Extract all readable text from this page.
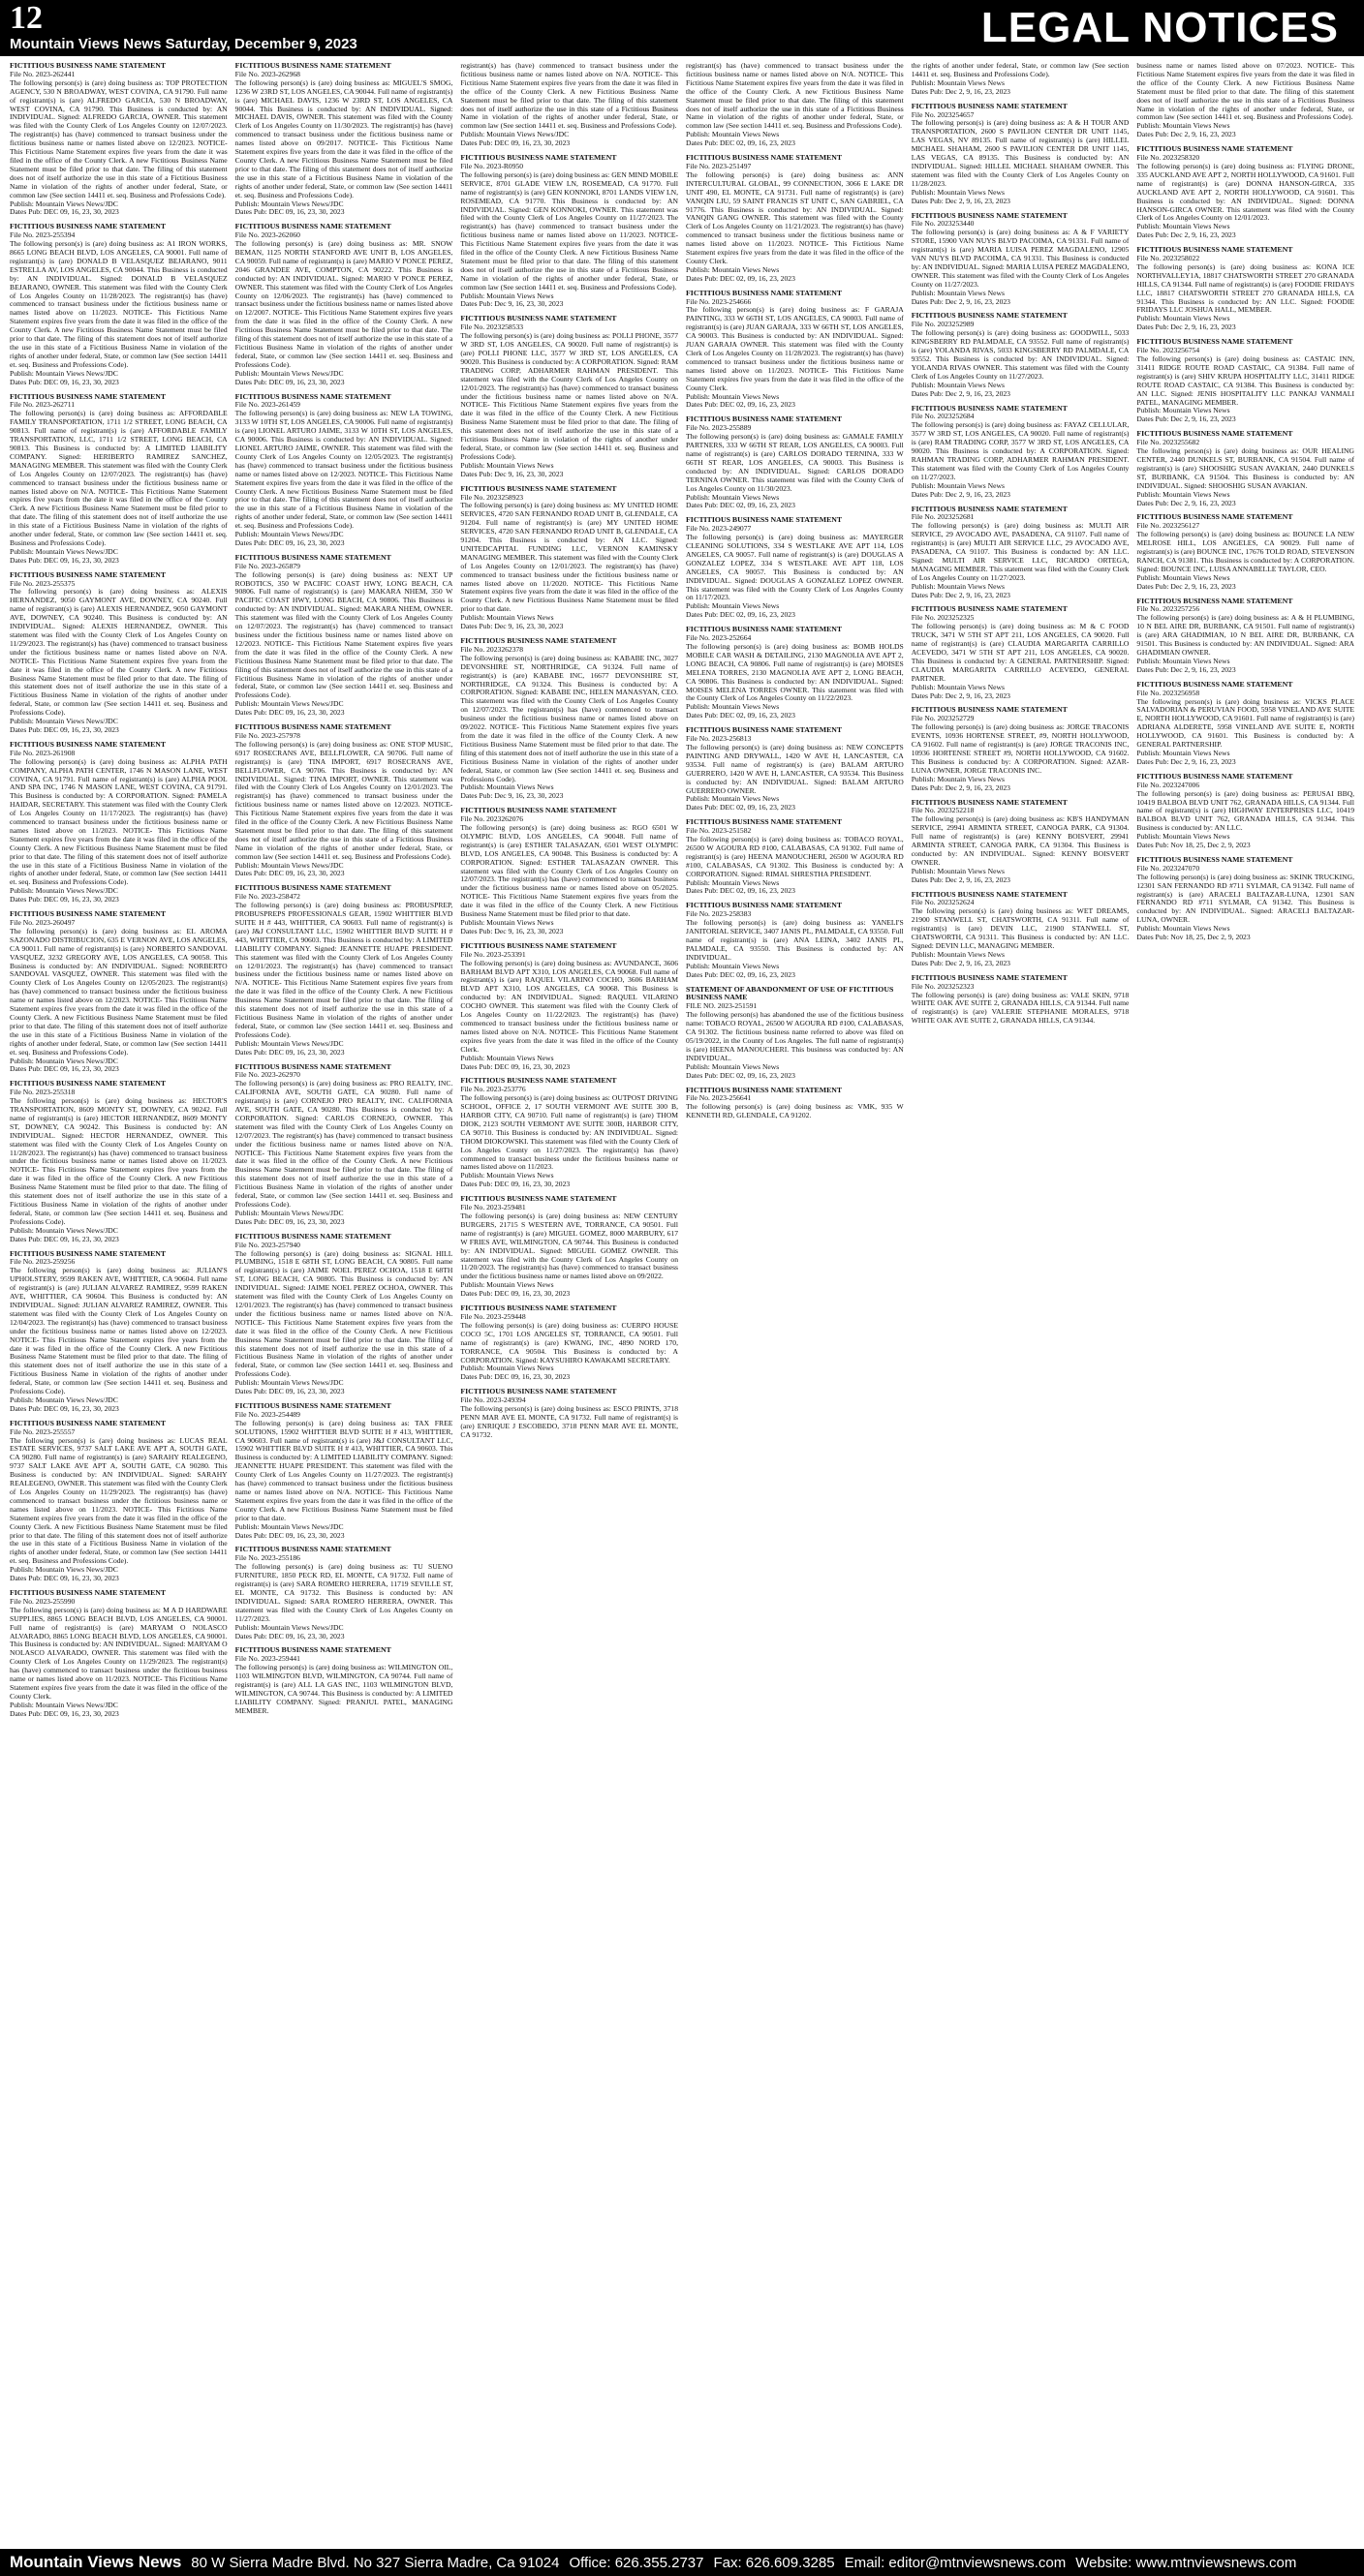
12
Mountain Views News Saturday, December 9, 2023	LEGAL NOTICES
FICTITIOUS BUSINESS NAME STATEMENT
File No. 2023-262441
The following person(s) is (are) doing business as: TOP PROTECTION AGENCY, 530 N BROADWAY, WEST COVINA, CA 91790. Full name of registrant(s) is (are) ALFREDO GARCIA, 530 N BROADWAY, WEST COVINA, CA 91790. This Business is conducted by: AN INDIVIDUAL. Signed: ALFREDO GARCIA, OWNER. This statement was filed with the County Clerk of Los Angeles County on 12/07/2023. The registrant(s) has (have) commenced to transact business under the fictitious business name or names listed above on 12/2023. NOTICE- This Fictitious Name Statement expires five years from the date it was filed in the office of the County Clerk. A new Fictitious Business Name Statement must be filed prior to that date. The filing of this statement does not of itself authorize the use in this state of a Fictitious Business Name in violation of the rights of another under federal, State, or common law (See section 14411 et. seq. Business and Professions Code).
Publish: Mountain Views News/JDC
Dates Pub: DEC 09, 16, 23, 30, 2023
FICTITIOUS BUSINESS NAME STATEMENT
File No. 2023-255394
The following person(s) is (are) doing business as: A1 IRON WORKS, 8665 LONG BEACH BLVD, LOS ANGELES, CA 90001. Full name of registrant(s) is (are) DONALD B VELASQUEZ BEJARANO, 9011 ESTRELLA AV, LOS ANGELES, CA 90044. This Business is conducted by: AN INDIVIDUAL. Signed: DONALD B VELASQUEZ BEJARANO, OWNER. This statement was filed with the County Clerk of Los Angeles County on 11/28/2023. The registrant(s) has (have) commenced to transact business under the fictitious business name or names listed above on 11/2023. NOTICE- This Fictitious Name Statement expires five years from the date it was filed in the office of the County Clerk. A new Fictitious Business Name Statement must be filed prior to that date. The filing of this statement does not of itself authorize the use in this state of a Fictitious Business Name in violation of the rights of another under federal, State, or common law (See section 14411 et. seq. Business and Professions Code).
Publish: Mountain Views News/JDC
Dates Pub: DEC 09, 16, 23, 30, 2023
FICTITIOUS BUSINESS NAME STATEMENT
File No. 2023-262711
The following person(s) is (are) doing business as: AFFORDABLE FAMILY TRANSPORTATION, 1711 1/2 STREET, LONG BEACH, CA 90813. Full name of registrant(s) is (are) AFFORDABLE FAMILY TRANSPORTATION, LLC, 1711 1/2 STREET, LONG BEACH, CA 90813. This Business is conducted by: A LIMITED LIABILITY COMPANY. Signed: HERIBERTO RAMIREZ SANCHEZ, MANAGING MEMBER. This statement was filed with the County Clerk of Los Angeles County on 12/07/2023. The registrant(s) has (have) commenced to transact business under the fictitious business name or names listed above on N/A. NOTICE- This Fictitious Name Statement expires five years from the date it was filed in the office of the County Clerk. A new Fictitious Business Name Statement must be filed prior to that date. The filing of this statement does not of itself authorize the use in this state of a Fictitious Business Name in violation of the rights of another under federal, State, or common law (See section 14411 et. seq. Business and Professions Code).
Publish: Mountain Views News/JDC
Dates Pub: DEC 09, 16, 23, 30, 2023
FICTITIOUS BUSINESS NAME STATEMENT
File No. 2023-255375
The following person(s) is (are) doing business as: ALEXIS HERNANDEZ, 9050 GAYMONT AVE, DOWNEY, CA 90240. Full name of registrant(s) is (are) ALEXIS HERNANDEZ, 9050 GAYMONT AVE, DOWNEY, CA 90240. This Business is conducted by: AN INDIVIDUAL. Signed: ALEXIS HERNANDEZ, OWNER. This statement was filed with the County Clerk of Los Angeles County on 11/29/2023. The registrant(s) has (have) commenced to transact business under the fictitious business name or names listed above on N/A. NOTICE- This Fictitious Name Statement expires five years from the date it was filed in the office of the County Clerk. A new Fictitious Business Name Statement must be filed prior to that date. The filing of this statement does not of itself authorize the use in this state of a Fictitious Business Name in violation of the rights of another under federal, State, or common law (See section 14411 et. seq. Business and Professions Code).
Publish: Mountain Views News/JDC
Dates Pub: DEC 09, 16, 23, 30, 2023
FICTITIOUS BUSINESS NAME STATEMENT
File No. 2023-261908
The following person(s) is (are) doing business as: ALPHA PATH COMPANY, ALPHA PATH CENTER, 1746 N MASON LANE, WEST COVINA, CA 91791. Full name of registrant(s) is (are) ALPHA POOL AND SPA INC, 1746 N MASON LANE, WEST COVINA, CA 91791. This Business is conducted by: A CORPORATION. Signed: PAMELA HAIDAR, SECRETARY. This statement was filed with the County Clerk of Los Angeles County on 11/17/2023. The registrant(s) has (have) commenced to transact business under the fictitious business name or names listed above on 11/2023. NOTICE- This Fictitious Name Statement expires five years from the date it was filed in the office of the County Clerk. A new Fictitious Business Name Statement must be filed prior to that date. The filing of this statement does not of itself authorize the use in this state of a Fictitious Business Name in violation of the rights of another under federal, State, or common law (See section 14411 et. seq. Business and Professions Code).
Publish: Mountain Views News/JDC
Dates Pub: DEC 09, 16, 23, 30, 2023
FICTITIOUS BUSINESS NAME STATEMENT
File No. 2023-260497
The following person(s) is (are) doing business as: EL AROMA SAZONADO DISTRIBUCION, 635 E VERNON AVE, LOS ANGELES, CA 90011. Full name of registrant(s) is (are) NORBERTO SANDOVAL VASQUEZ, 3232 GREGORY AVE, LOS ANGELES, CA 90058. This Business is conducted by: AN INDIVIDUAL. Signed: NORBERTO SANDOVAL VASQUEZ, OWNER. This statement was filed with the County Clerk of Los Angeles County on 12/05/2023. The registrant(s) has (have) commenced to transact business under the fictitious business name or names listed above on 12/2023. NOTICE- This Fictitious Name Statement expires five years from the date it was filed in the office of the County Clerk. A new Fictitious Business Name Statement must be filed prior to that date. The filing of this statement does not of itself authorize the use in this state of a Fictitious Business Name in violation of the rights of another under federal, State, or common law (See section 14411 et. seq. Business and Professions Code).
Publish: Mountain Views News/JDC
Dates Pub: DEC 09, 16, 23, 30, 2023
FICTITIOUS BUSINESS NAME STATEMENT
File No. 2023-255318
The following person(s) is (are) doing business as: HECTOR'S TRANSPORTATION, 8609 MONTY ST, DOWNEY, CA 90242. Full name of registrant(s) is (are) HECTOR HERNANDEZ, 8609 MONTY ST, DOWNEY, CA 90242. This Business is conducted by: AN INDIVIDUAL. Signed: HECTOR HERNANDEZ, OWNER. This statement was filed with the County Clerk of Los Angeles County on 11/28/2023. The registrant(s) has (have) commenced to transact business under the fictitious business name or names listed above on 11/2023. NOTICE- This Fictitious Name Statement expires five years from the date it was filed in the office of the County Clerk. A new Fictitious Business Name Statement must be filed prior to that date. The filing of this statement does not of itself authorize the use in this state of a Fictitious Business Name in violation of the rights of another under federal, State, or common law (See section 14411 et. seq. Business and Professions Code).
Publish: Mountain Views News/JDC
Dates Pub: DEC 09, 16, 23, 30, 2023
FICTITIOUS BUSINESS NAME STATEMENT
File No. 2023-259256
The following person(s) is (are) doing business as: JULIAN'S UPHOLSTERY, 9599 RAKEN AVE, WHITTIER, CA 90604. Full name of registrant(s) is (are) JULIAN ALVAREZ RAMIREZ, 9599 RAKEN AVE, WHITTIER, CA 90604. This Business is conducted by: AN INDIVIDUAL. Signed: JULIAN ALVAREZ RAMIREZ, OWNER. This statement was filed with the County Clerk of Los Angeles County on 12/04/2023. The registrant(s) has (have) commenced to transact business under the fictitious business name or names listed above on 12/2023. NOTICE- This Fictitious Name Statement expires five years from the date it was filed in the office of the County Clerk. A new Fictitious Business Name Statement must be filed prior to that date. The filing of this statement does not of itself authorize the use in this state of a Fictitious Business Name in violation of the rights of another under federal, State, or common law (See section 14411 et. seq. Business and Professions Code).
Publish: Mountain Views News/JDC
Dates Pub: DEC 09, 16, 23, 30, 2023
FICTITIOUS BUSINESS NAME STATEMENT
File No. 2023-255557
The following person(s) is (are) doing business as: LUCAS REAL ESTATE SERVICES, 9737 SALT LAKE AVE APT A, SOUTH GATE, CA 90280. Full name of registrant(s) is (are) SARAHY REALEGENO, 9737 SALT LAKE AVE APT A, SOUTH GATE, CA 90280. This Business is conducted by: AN INDIVIDUAL. Signed: SARAHY REALEGENO, OWNER. This statement was filed with the County Clerk of Los Angeles County on 11/29/2023. The registrant(s) has (have) commenced to transact business under the fictitious business name or names listed above on 11/2023. NOTICE- This Fictitious Name Statement expires five years from the date it was filed in the office of the County Clerk. A new Fictitious Business Name Statement must be filed prior to that date. The filing of this statement does not of itself authorize the use in this state of a Fictitious Business Name in violation of the rights of another under federal, State, or common law (See section 14411 et. seq. Business and Professions Code).
Publish: Mountain Views News/JDC
Dates Pub: DEC 09, 16, 23, 30, 2023
FICTITIOUS BUSINESS NAME STATEMENT
File No. 2023-255990
The following person(s) is (are) doing business as: M A D HARDWARE SUPPLIES, 8865 LONG BEACH BLVD, LOS ANGELES, CA 90001. Full name of registrant(s) is (are) MARYAM O NOLASCO ALVARADO, 8865 LONG BEACH BLVD, LOS ANGELES, CA 90001. This Business is conducted by: AN INDIVIDUAL. Signed: MARYAM O NOLASCO ALVARADO, OWNER. This statement was filed with the County Clerk of Los Angeles County on 11/29/2023. The registrant(s) has (have) commenced to transact business under the fictitious business name or names listed above on 11/2023. NOTICE- This Fictitious Name Statement expires five years from the date it was filed in the office of the County Clerk.
Publish: Mountain Views News/JDC
Dates Pub: DEC 09, 16, 23, 30, 2023
FICTITIOUS BUSINESS NAME STATEMENT
File No. 2023-262968
The following person(s) is (are) doing business as: MIGUEL'S SMOG, 1236 W 23RD ST, LOS ANGELES, CA 90044. Full name of registrant(s) is (are) MICHAEL DAVIS, 1236 W 23RD ST, LOS ANGELES, CA 90044. This Business is conducted by: AN INDIVIDUAL. Signed: MICHAEL DAVIS, OWNER. This statement was filed with the County Clerk of Los Angeles County on 11/30/2023. The registrant(s) has (have) commenced to transact business under the fictitious business name or names listed above on 09/2017. NOTICE- This Fictitious Name Statement expires five years from the date it was filed in the office of the County Clerk. A new Fictitious Business Name Statement must be filed prior to that date. The filing of this statement does not of itself authorize the use in this state of a Fictitious Business Name in violation of the rights of another under federal, State, or common law (See section 14411 et. seq. Business and Professions Code).
Publish: Mountain Views News/JDC
Dates Pub: DEC 09, 16, 23, 30, 2023
FICTITIOUS BUSINESS NAME STATEMENT
File No. 2023-262060
The following person(s) is (are) doing business as: MR. SNOW BEMAN, 1125 NORTH STANFORD AVE UNIT B, LOS ANGELES, CA 90059. Full name of registrant(s) is (are) MARIO V PONCE PEREZ, 2046 GRANDEE AVE, COMPTON, CA 90222. This Business is conducted by: AN INDIVIDUAL. Signed: MARIO V PONCE PEREZ, OWNER. This statement was filed with the County Clerk of Los Angeles County on 12/06/2023. The registrant(s) has (have) commenced to transact business under the fictitious business name or names listed above on 12/2007. NOTICE- This Fictitious Name Statement expires five years from the date it was filed in the office of the County Clerk. A new Fictitious Business Name Statement must be filed prior to that date. The filing of this statement does not of itself authorize the use in this state of a Fictitious Business Name in violation of the rights of another under federal, State, or common law (See section 14411 et. seq. Business and Professions Code).
Publish: Mountain Views News/JDC
Dates Pub: DEC 09, 16, 23, 30, 2023
FICTITIOUS BUSINESS NAME STATEMENT
File No. 2023-261459
The following person(s) is (are) doing business as: NEW LA TOWING, 3133 W 10TH ST, LOS ANGELES, CA 90006. Full name of registrant(s) is (are) LIONEL ARTURO JAIME, 3133 W 10TH ST, LOS ANGELES, CA 90006. This Business is conducted by: AN INDIVIDUAL. Signed: LIONEL ARTURO JAIME, OWNER. This statement was filed with the County Clerk of Los Angeles County on 12/05/2023. The registrant(s) has (have) commenced to transact business under the fictitious business name or names listed above on 12/2023. NOTICE- This Fictitious Name Statement expires five years from the date it was filed in the office of the County Clerk. A new Fictitious Business Name Statement must be filed prior to that date. The filing of this statement does not of itself authorize the use in this state of a Fictitious Business Name in violation of the rights of another under federal, State, or common law (See section 14411 et. seq. Business and Professions Code).
Publish: Mountain Views News/JDC
Dates Pub: DEC 09, 16, 23, 30, 2023
FICTITIOUS BUSINESS NAME STATEMENT
File No. 2023-265879
The following person(s) is (are) doing business as: NEXT UP ROBOTICS, 350 W PACIFIC COAST HWY, LONG BEACH, CA 90806. Full name of registrant(s) is (are) MAKARA NHEM, 350 W PACIFIC COAST HWY, LONG BEACH, CA 90806. This Business is conducted by: AN INDIVIDUAL. Signed: MAKARA NHEM, OWNER. This statement was filed with the County Clerk of Los Angeles County on 12/07/2023. The registrant(s) has (have) commenced to transact business under the fictitious business name or names listed above on 12/2023. NOTICE- This Fictitious Name Statement expires five years from the date it was filed in the office of the County Clerk. A new Fictitious Business Name Statement must be filed prior to that date. The filing of this statement does not of itself authorize the use in this state of a Fictitious Business Name in violation of the rights of another under federal, State, or common law (See section 14411 et. seq. Business and Professions Code).
Publish: Mountain Views News/JDC
Dates Pub: DEC 09, 16, 23, 30, 2023
FICTITIOUS BUSINESS NAME STATEMENT
File No. 2023-257978
The following person(s) is (are) doing business as: ONE STOP MUSIC, 6917 ROSECRANS AVE, BELLFLOWER, CA 90706. Full name of registrant(s) is (are) TINA IMPORT, 6917 ROSECRANS AVE, BELLFLOWER, CA 90706. This Business is conducted by: AN INDIVIDUAL. Signed: TINA IMPORT, OWNER. This statement was filed with the County Clerk of Los Angeles County on 12/01/2023. The registrant(s) has (have) commenced to transact business under the fictitious business name or names listed above on 12/2023. NOTICE- This Fictitious Name Statement expires five years from the date it was filed in the office of the County Clerk. A new Fictitious Business Name Statement must be filed prior to that date. The filing of this statement does not of itself authorize the use in this state of a Fictitious Business Name in violation of the rights of another under federal, State, or common law (See section 14411 et. seq. Business and Professions Code).
Publish: Mountain Views News/JDC
Dates Pub: DEC 09, 16, 23, 30, 2023
FICTITIOUS BUSINESS NAME STATEMENT
File No. 2023-258472
The following person(s) is (are) doing business as: PROBUSPREP, PROBUSPREPS PROFESSIONALS GEAR, 15902 WHITTIER BLVD SUITE H # 443, WHITTIER, CA 90603. Full name of registrant(s) is (are) J&J CONSULTANT LLC, 15902 WHITTIER BLVD SUITE H # 443, WHITTIER, CA 90603. This Business is conducted by: A LIMITED LIABILITY COMPANY. Signed: JEANNETTE HUAPE PRESIDENT. This statement was filed with the County Clerk of Los Angeles County on 12/01/2023. The registrant(s) has (have) commenced to transact business under the fictitious business name or names listed above on N/A. NOTICE- This Fictitious Name Statement expires five years from the date it was filed in the office of the County Clerk. A new Fictitious Business Name Statement must be filed prior to that date. The filing of this statement does not of itself authorize the use in this state of a Fictitious Business Name in violation of the rights of another under federal, State, or common law (See section 14411 et. seq. Business and Professions Code).
Publish: Mountain Views News/JDC
Dates Pub: DEC 09, 16, 23, 30, 2023
FICTITIOUS BUSINESS NAME STATEMENT
File No. 2023-262970
The following person(s) is (are) doing business as: PRO REALTY, INC. CALIFORNIA AVE, SOUTH GATE, CA 90280. Full name of registrant(s) is (are) CORNEJO PRO REALTY, INC. CALIFORNIA AVE, SOUTH GATE, CA 90280. This Business is conducted by: A CORPORATION. Signed: CARLOS CORNEJO, OWNER. This statement was filed with the County Clerk of Los Angeles County on 12/07/2023. The registrant(s) has (have) commenced to transact business under the fictitious business name or names listed above on N/A. NOTICE- This Fictitious Name Statement expires five years from the date it was filed in the office of the County Clerk. A new Fictitious Business Name Statement must be filed prior to that date. The filing of this statement does not of itself authorize the use in this state of a Fictitious Business Name in violation of the rights of another under federal, State, or common law (See section 14411 et. seq. Business and Professions Code).
Publish: Mountain Views News/JDC
Dates Pub: DEC 09, 16, 23, 30, 2023
FICTITIOUS BUSINESS NAME STATEMENT
File No. 2023-257940
The following person(s) is (are) doing business as: SIGNAL HILL PLUMBING, 1518 E 68TH ST, LONG BEACH, CA 90805. Full name of registrant(s) is (are) JAIME NOEL PEREZ OCHOA, 1518 E 68TH ST, LONG BEACH, CA 90805. This Business is conducted by: AN INDIVIDUAL. Signed: JAIME NOEL PEREZ OCHOA, OWNER. This statement was filed with the County Clerk of Los Angeles County on 12/01/2023. The registrant(s) has (have) commenced to transact business under the fictitious business name or names listed above on N/A. NOTICE- This Fictitious Name Statement expires five years from the date it was filed in the office of the County Clerk. A new Fictitious Business Name Statement must be filed prior to that date. The filing of this statement does not of itself authorize the use in this state of a Fictitious Business Name in violation of the rights of another under federal, State, or common law (See section 14411 et. seq. Business and Professions Code).
Publish: Mountain Views News/JDC
Dates Pub: DEC 09, 16, 23, 30, 2023
FICTITIOUS BUSINESS NAME STATEMENT
File No. 2023-254489
The following person(s) is (are) doing business as: TAX FREE SOLUTIONS, 15902 WHITTIER BLVD SUITE H # 413, WHITTIER, CA 90603. Full name of registrant(s) is (are) J&J CONSULTANT LLC, 15902 WHITTIER BLVD SUITE H # 413, WHITTIER, CA 90603. This Business is conducted by: A LIMITED LIABILITY COMPANY. Signed: JEANNETTE HUAPE PRESIDENT. This statement was filed with the County Clerk of Los Angeles County on 11/27/2023. The registrant(s) has (have) commenced to transact business under the fictitious business name or names listed above on N/A. NOTICE- This Fictitious Name Statement expires five years from the date it was filed in the office of the County Clerk. A new Fictitious Business Name Statement must be filed prior to that date.
Publish: Mountain Views News/JDC
Dates Pub: DEC 09, 16, 23, 30, 2023
FICTITIOUS BUSINESS NAME STATEMENT
File No. 2023-255186
The following person(s) is (are) doing business as: TU SUENO FURNITURE, 1850 PECK RD, EL MONTE, CA 91732. Full name of registrant(s) is (are) SARA ROMERO HERRERA, 11719 SEVILLE ST, EL MONTE, CA 91732. This Business is conducted by: AN INDIVIDUAL. Signed: SARA ROMERO HERRERA, OWNER. This statement was filed with the County Clerk of Los Angeles County on 11/27/2023.
Publish: Mountain Views News/JDC
Dates Pub: DEC 09, 16, 23, 30, 2023
FICTITIOUS BUSINESS NAME STATEMENT
File No. 2023-259441
The following person(s) is (are) doing business as: WILMINGTON OIL, 1103 WILMINGTON BLVD, WILMINGTON, CA 90744. Full name of registrant(s) is (are) ALL LA GAS INC, 1103 WILMINGTON BLVD, WILMINGTON, CA 90744. This Business is conducted by: A LIMITED LIABILITY COMPANY. Signed: PRANJUL PATEL, MANAGING MEMBER.
registrant(s) has (have) commenced to transact business under the fictitious business name or names listed above on N/A. NOTICE- This Fictitious Name Statement expires five years from the date it was filed in the office of the County Clerk. A new Fictitious Business Name Statement must be filed prior to that date. The filing of this statement does not of itself authorize the use in this state of a Fictitious Business Name in violation of the rights of another under federal, State, or common law (See section 14411 et. seq. Business and Professions Code).
Publish: Mountain Views News/JDC
Dates Pub: DEC 09, 16, 23, 30, 2023
FICTITIOUS BUSINESS NAME STATEMENT
File No. 2023-R0950
The following person(s) is (are) doing business as: GEN MIND MOBILE SERVICE, 8701 GLADE VIEW LN, ROSEMEAD, CA 91770. Full name of registrant(s) is (are) GEN KONNOKI, 8701 LANDS VIEW LN, ROSEMEAD, CA 91770. This Business is conducted by: AN INDIVIDUAL. Signed: GEN KONNOKI, OWNER. This statement was filed with the County Clerk of Los Angeles County on 11/27/2023. The registrant(s) has (have) commenced to transact business under the fictitious business name or names listed above on 11/2023. NOTICE- This Fictitious Name Statement expires five years from the date it was filed in the office of the County Clerk. A new Fictitious Business Name Statement must be filed prior to that date. The filing of this statement does not of itself authorize the use in this state of a Fictitious Business Name in violation of the rights of another under federal, State, or common law (See section 14411 et. seq. Business and Professions Code).
Publish: Mountain Views News
Dates Pub: Dec 9, 16, 23, 30, 2023
FICTITIOUS BUSINESS NAME STATEMENT
File No. 2023258533
The following person(s) is (are) doing business as: POLLI PHONE, 3577 W 3RD ST, LOS ANGELES, CA 90020. Full name of registrant(s) is (are) POLLI PHONE LLC, 3577 W 3RD ST, LOS ANGELES, CA 90020. This Business is conducted by: A CORPORATION. Signed: RAM TRADING CORP, ADHARMER RAHMAN PRESIDENT. This statement was filed with the County Clerk of Los Angeles County on 12/01/2023. The registrant(s) has (have) commenced to transact business under the fictitious business name or names listed above on N/A. NOTICE- This Fictitious Name Statement expires five years from the date it was filed in the office of the County Clerk. A new Fictitious Business Name Statement must be filed prior to that date. The filing of this statement does not of itself authorize the use in this state of a Fictitious Business Name in violation of the rights of another under federal, State, or common law (See section 14411 et. seq. Business and Professions Code).
Publish: Mountain Views News
Dates Pub: Dec 9, 16, 23, 30, 2023
FICTITIOUS BUSINESS NAME STATEMENT
File No. 2023258923
The following person(s) is (are) doing business as: MY UNITED HOME SERVICES, 4720 SAN FERNANDO ROAD UNIT B, GLENDALE, CA 91204. Full name of registrant(s) is (are) MY UNITED HOME SERVICES, 4720 SAN FERNANDO ROAD UNIT B, GLENDALE, CA 91204. This Business is conducted by: AN LLC. Signed: UNITEDCAPITAL FUNDING LLC, VERNON KAMINSKY MANAGING MEMBER. This statement was filed with the County Clerk of Los Angeles County on 12/01/2023. The registrant(s) has (have) commenced to transact business under the fictitious business name or names listed above on 11/2020. NOTICE- This Fictitious Name Statement expires five years from the date it was filed in the office of the County Clerk. A new Fictitious Business Name Statement must be filed prior to that date.
Publish: Mountain Views News
Dates Pub: Dec 9, 16, 23, 30, 2023
FICTITIOUS BUSINESS NAME STATEMENT
File No. 2023262378
The following person(s) is (are) doing business as: KABABE INC, 3027 DEVONSHIRE ST, NORTHRIDGE, CA 91324. Full name of registrant(s) is (are) KABABE INC, 16677 DEVONSHIRE ST, NORTHRIDGE, CA 91324. This Business is conducted by: A CORPORATION. Signed: KABABE INC, HELEN MANASYAN, CEO. This statement was filed with the County Clerk of Los Angeles County on 12/07/2023. The registrant(s) has (have) commenced to transact business under the fictitious business name or names listed above on 09/2022. NOTICE- This Fictitious Name Statement expires five years from the date it was filed in the office of the County Clerk. A new Fictitious Business Name Statement must be filed prior to that date. The filing of this statement does not of itself authorize the use in this state of a Fictitious Business Name in violation of the rights of another under federal, State, or common law (See section 14411 et. seq. Business and Professions Code).
Publish: Mountain Views News
Dates Pub: Dec 9, 16, 23, 30, 2023
FICTITIOUS BUSINESS NAME STATEMENT
File No. 2023262076
The following person(s) is (are) doing business as: RGO 6501 W OLYMPIC BLVD, LOS ANGELES, CA 90048. Full name of registrant(s) is (are) ESTHER TALASAZAN, 6501 WEST OLYMPIC BLVD, LOS ANGELES, CA 90048. This Business is conducted by: A CORPORATION. Signed: ESTHER TALASAZAN OWNER. This statement was filed with the County Clerk of Los Angeles County on 12/07/2023. The registrant(s) has (have) commenced to transact business under the fictitious business name or names listed above on 05/2025. NOTICE- This Fictitious Name Statement expires five years from the date it was filed in the office of the County Clerk. A new Fictitious Business Name Statement must be filed prior to that date.
Publish: Mountain Views News
Dates Pub: Dec 9, 16, 23, 30, 2023
FICTITIOUS BUSINESS NAME STATEMENT
File No. 2023-253391
The following person(s) is (are) doing business as: AVUNDANCE, 3606 BARHAM BLVD APT X310, LOS ANGELES, CA 90068. Full name of registrant(s) is (are) RAQUEL VILARINO COCHO, 3606 BARHAM BLVD APT X310, LOS ANGELES, CA 90068. This Business is conducted by: AN INDIVIDUAL. Signed: RAQUEL VILARINO COCHO OWNER. This statement was filed with the County Clerk of Los Angeles County on 11/22/2023. The registrant(s) has (have) commenced to transact business under the fictitious business name or names listed above on N/A. NOTICE- This Fictitious Name Statement expires five years from the date it was filed in the office of the County Clerk.
Publish: Mountain Views News
Dates Pub: DEC 09, 16, 23, 30, 2023
FICTITIOUS BUSINESS NAME STATEMENT
File No. 2023-253776
The following person(s) is (are) doing business as: OUTPOST DRIVING SCHOOL, OFFICE 2, 17 SOUTH VERMONT AVE SUITE 300 B, HARBOR CITY, CA 90710. Full name of registrant(s) is (are) THOM DIOK, 2123 SOUTH VERMONT AVE SUITE 300B, HARBOR CITY, CA 90710. This Business is conducted by: AN INDIVIDUAL. Signed: THOM DIOKOWSKI. This statement was filed with the County Clerk of Los Angeles County on 11/27/2023. The registrant(s) has (have) commenced to transact business under the fictitious business name or names listed above on 11/2023.
Publish: Mountain Views News
Dates Pub: DEC 09, 16, 23, 30, 2023
FICTITIOUS BUSINESS NAME STATEMENT
File No. 2023-259481
The following person(s) is (are) doing business as: NEW CENTURY BURGERS, 21715 S WESTERN AVE, TORRANCE, CA 90501. Full name of registrant(s) is (are) MIGUEL GOMEZ, 8000 MARBURY, 617 W FRIES AVE, WILMINGTON, CA 90744. This Business is conducted by: AN INDIVIDUAL. Signed: MIGUEL GOMEZ OWNER. This statement was filed with the County Clerk of Los Angeles County on 11/20/2023. The registrant(s) has (have) commenced to transact business under the fictitious business name or names listed above on 09/2022.
Publish: Mountain Views News
Dates Pub: DEC 09, 16, 23, 30, 2023
FICTITIOUS BUSINESS NAME STATEMENT
File No. 2023-259448
The following person(s) is (are) doing business as: CUERPO HOUSE COCO 5C, 1701 LOS ANGELES ST, TORRANCE, CA 90501. Full name of registrant(s) is (are) KWANG, INC, 4890 NORD 170, TORRANCE, CA 90504. This Business is conducted by: A CORPORATION. Signed: KAYSUHIRO KAWAKAMI SECRETARY.
Publish: Mountain Views News
Dates Pub: DEC 09, 16, 23, 30, 2023
FICTITIOUS BUSINESS NAME STATEMENT
File No. 2023-249394
The following person(s) is (are) doing business as: ESCO PRINTS, 3718 PENN MAR AVE EL MONTE, CA 91732. Full name of registrant(s) is (are) ENRIQUE J ESCOBEDO, 3718 PENN MAR AVE EL MONTE, CA 91732.
registrant(s) has (have) commenced to transact business under the fictitious business name or names listed above on N/A. NOTICE- This Fictitious Name Statement expires five years from the date it was filed in the office of the County Clerk. A new Fictitious Business Name Statement must be filed prior to that date. The filing of this statement does not of itself authorize the use in this state of a Fictitious Business Name in violation of the rights of another under federal, State, or common law (See section 14411 et. seq. Business and Professions Code).
Publish: Mountain Views News
Dates Pub: DEC 02, 09, 16, 23, 2023
FICTITIOUS BUSINESS NAME STATEMENT
File No. 2023-251497
The following person(s) is (are) doing business as: ANN INTERCULTURAL GLOBAL, 99 CONNECTION, 3066 E LAKE DR UNIT 490, EL MONTE, CA 91731. Full name of registrant(s) is (are) VANQIN LIU, 59 SAINT FRANCIS ST UNIT C, SAN GABRIEL, CA 91776. This Business is conducted by: AN INDIVIDUAL. Signed: VANQIN GANG OWNER. This statement was filed with the County Clerk of Los Angeles County on 11/21/2023. The registrant(s) has (have) commenced to transact business under the fictitious business name or names listed above on 11/2023. NOTICE- This Fictitious Name Statement expires five years from the date it was filed in the office of the County Clerk.
Publish: Mountain Views News
Dates Pub: DEC 02, 09, 16, 23, 2023
FICTITIOUS BUSINESS NAME STATEMENT
File No. 2023-254666
The following person(s) is (are) doing business as: F GARAJA PAINTING, 333 W 66TH ST, LOS ANGELES, CA 90003. Full name of registrant(s) is (are) JUAN GARAJA, 333 W 66TH ST, LOS ANGELES, CA 90003. This Business is conducted by: AN INDIVIDUAL. Signed: JUAN GARAJA OWNER. This statement was filed with the County Clerk of Los Angeles County on 11/28/2023. The registrant(s) has (have) commenced to transact business under the fictitious business name or names listed above on 11/2023. NOTICE- This Fictitious Name Statement expires five years from the date it was filed in the office of the County Clerk.
Publish: Mountain Views News
Dates Pub: DEC 02, 09, 16, 23, 2023
FICTITIOUS BUSINESS NAME STATEMENT
File No. 2023-255889
The following person(s) is (are) doing business as: GAMALE FAMILY PARTNERS, 333 W 66TH ST REAR, LOS ANGELES, CA 90003. Full name of registrant(s) is (are) CARLOS DORADO TERNINA, 333 W 66TH ST REAR, LOS ANGELES, CA 90003. This Business is conducted by: AN INDIVIDUAL. Signed: CARLOS DORADO TERNINA OWNER. This statement was filed with the County Clerk of Los Angeles County on 11/30/2023.
Publish: Mountain Views News
Dates Pub: DEC 02, 09, 16, 23, 2023
FICTITIOUS BUSINESS NAME STATEMENT
File No. 2023-249077
The following person(s) is (are) doing business as: MAYERGER CLEANING SOLUTIONS, 334 S WESTLAKE AVE APT 114, LOS ANGELES, CA 90057. Full name of registrant(s) is (are) DOUGLAS A GONZALEZ LOPEZ, 334 S WESTLAKE AVE APT 118, LOS ANGELES, CA 90057. This Business is conducted by: AN INDIVIDUAL. Signed: DOUGLAS A GONZALEZ LOPEZ OWNER. This statement was filed with the County Clerk of Los Angeles County on 11/17/2023.
Publish: Mountain Views News
Dates Pub: DEC 02, 09, 16, 23, 2023
FICTITIOUS BUSINESS NAME STATEMENT
File No. 2023-252664
The following person(s) is (are) doing business as: BOMB HOLDS MOBILE CAR WASH & DETAILING, 2130 MAGNOLIA AVE APT 2, LONG BEACH, CA 90806. Full name of registrant(s) is (are) MOISES MELENA TORRES, 2130 MAGNOLIA AVE APT 2, LONG BEACH, CA 90806. This Business is conducted by: AN INDIVIDUAL. Signed: MOISES MELENA TORRES OWNER. This statement was filed with the County Clerk of Los Angeles County on 11/22/2023.
Publish: Mountain Views News
Dates Pub: DEC 02, 09, 16, 23, 2023
FICTITIOUS BUSINESS NAME STATEMENT
File No. 2023-256813
The following person(s) is (are) doing business as: NEW CONCEPTS PAINTING AND DRYWALL, 1420 W AVE H, LANCASTER, CA 93534. Full name of registrant(s) is (are) BALAM ARTURO GUERRERO, 1420 W AVE H, LANCASTER, CA 93534. This Business is conducted by: AN INDIVIDUAL. Signed: BALAM ARTURO GUERRERO OWNER.
Publish: Mountain Views News
Dates Pub: DEC 02, 09, 16, 23, 2023
FICTITIOUS BUSINESS NAME STATEMENT
File No. 2023-251582
The following person(s) is (are) doing business as: TOBACO ROYAL, 26500 W AGOURA RD #100, CALABASAS, CA 91302. Full name of registrant(s) is (are) HEENA MANOUCHERI, 26500 W AGOURA RD #100, CALABASAS, CA 91302. This Business is conducted by: A CORPORATION. Signed: RIMAL SHRESTHA PRESIDENT.
Publish: Mountain Views News
Dates Pub: DEC 02, 09, 16, 23, 2023
FICTITIOUS BUSINESS NAME STATEMENT
File No. 2023-258383
The following person(s) is (are) doing business as: YANELI'S JANITORIAL SERVICE, 3407 JANIS PL, PALMDALE, CA 93550. Full name of registrant(s) is (are) ANA LEINA, 3402 JANIS PL, PALMDALE, CA 93550. This Business is conducted by: AN INDIVIDUAL.
Publish: Mountain Views News
Dates Pub: DEC 02, 09, 16, 23, 2023
STATEMENT OF ABANDONMENT OF USE OF FICTITIOUS BUSINESS NAME
FILE NO. 2023-251591
The following person(s) has abandoned the use of the fictitious business name: TOBACO ROYAL, 26500 W AGOURA RD #100, CALABASAS, CA 91302. The fictitious business name referred to above was filed on 05/19/2022, in the County of Los Angeles. The full name of registrant(s) is (are) HEENA MANOUCHERI. This business was conducted by: AN INDIVIDUAL.
Publish: Mountain Views News
Dates Pub: DEC 02, 09, 16, 23, 2023
FICTITIOUS BUSINESS NAME STATEMENT
File No. 2023-256641
The following person(s) is (are) doing business as: VMK, 935 W KENNETH RD, GLENDALE, CA 91202.
the rights of another under federal, State, or common law (See section 14411 et. seq. Business and Professions Code).
Publish: Mountain Views News
Dates Pub: Dec 2, 9, 16, 23, 2023
FICTITIOUS BUSINESS NAME STATEMENT
File No. 2023254657
The following person(s) is (are) doing business as: A & H TOUR AND TRANSPORTATION, 2600 S PAVILION CENTER DR UNIT 1145, LAS VEGAS, NV 89135. Full name of registrant(s) is (are) HILLEL MICHAEL SHAHAM, 2600 S PAVILION CENTER DR UNIT 1145, LAS VEGAS, CA 89135. This Business is conducted by: AN INDIVIDUAL. Signed: HILLEL MICHAEL SHAHAM OWNER. This statement was filed with the County Clerk of Los Angeles County on 11/28/2023.
Publish: Mountain Views News
Dates Pub: Dec 2, 9, 16, 23, 2023
FICTITIOUS BUSINESS NAME STATEMENT
File No. 2023253440
The following person(s) is (are) doing business as: A & F VARIETY STORE, 15900 VAN NUYS BLVD PACOIMA, CA 91331. Full name of registrant(s) is (are) MARIA LUISA PEREZ MAGDALENO, 12905 VAN NUYS BLVD PACOIMA, CA 91331. This Business is conducted by: AN INDIVIDUAL. Signed: MARIA LUISA PEREZ MAGDALENO, OWNER. This statement was filed with the County Clerk of Los Angeles County on 11/27/2023.
Publish: Mountain Views News
Dates Pub: Dec 2, 9, 16, 23, 2023
FICTITIOUS BUSINESS NAME STATEMENT
File No. 2023252989
The following person(s) is (are) doing business as: GOODWILL, 5033 KINGSBERRY RD PALMDALE, CA 93552. Full name of registrant(s) is (are) YOLANDA RIVAS, 5033 KINGSBERRY RD PALMDALE, CA 93552. This Business is conducted by: AN INDIVIDUAL. Signed: YOLANDA RIVAS OWNER. This statement was filed with the County Clerk of Los Angeles County on 11/27/2023.
Publish: Mountain Views News
Dates Pub: Dec 2, 9, 16, 23, 2023
FICTITIOUS BUSINESS NAME STATEMENT
File No. 2023252684
The following person(s) is (are) doing business as: FAYAZ CELLULAR, 3577 W 3RD ST, LOS ANGELES, CA 90020. Full name of registrant(s) is (are) RAM TRADING CORP, 3577 W 3RD ST, LOS ANGELES, CA 90020. This Business is conducted by: A CORPORATION. Signed: RAHMAN TRADING CORP, ADHARMER RAHMAN PRESIDENT. This statement was filed with the County Clerk of Los Angeles County on 11/27/2023.
Publish: Mountain Views News
Dates Pub: Dec 2, 9, 16, 23, 2023
FICTITIOUS BUSINESS NAME STATEMENT
File No. 2023252681
The following person(s) is (are) doing business as: MULTI AIR SERVICE, 29 AVOCADO AVE, PASADENA, CA 91107. Full name of registrant(s) is (are) MULTI AIR SERVICE LLC, 29 AVOCADO AVE, PASADENA, CA 91107. This Business is conducted by: AN LLC. Signed: MULTI AIR SERVICE LLC, RICARDO ORTEGA, MANAGING MEMBER. This statement was filed with the County Clerk of Los Angeles County on 11/27/2023.
Publish: Mountain Views News
Dates Pub: Dec 2, 9, 16, 23, 2023
FICTITIOUS BUSINESS NAME STATEMENT
File No. 2023252325
The following person(s) is (are) doing business as: M & C FOOD TRUCK, 3471 W 5TH ST APT 211, LOS ANGELES, CA 90020. Full name of registrant(s) is (are) CLAUDIA MARGARITA CARRILLO ACEVEDO, 3471 W 5TH ST APT 211, LOS ANGELES, CA 90020. This Business is conducted by: A GENERAL PARTNERSHIP. Signed: CLAUDIA MARGARITA CARRILLO ACEVEDO, GENERAL PARTNER.
Publish: Mountain Views News
Dates Pub: Dec 2, 9, 16, 23, 2023
FICTITIOUS BUSINESS NAME STATEMENT
File No. 2023252729
The following person(s) is (are) doing business as: JORGE TRACONIS EVENTS, 10936 HORTENSE STREET, #9, NORTH HOLLYWOOD, CA 91602. Full name of registrant(s) is (are) JORGE TRACONIS INC, 10936 HORTENSE STREET #9, NORTH HOLLYWOOD, CA 91602. This Business is conducted by: A CORPORATION. Signed: AZAR-LUNA OWNER, JORGE TRACONIS INC.
Publish: Mountain Views News
Dates Pub: Dec 2, 9, 16, 23, 2023
FICTITIOUS BUSINESS NAME STATEMENT
File No. 2023252218
The following person(s) is (are) doing business as: KB'S HANDYMAN SERVICE, 29941 ARMINTA STREET, CANOGA PARK, CA 91304. Full name of registrant(s) is (are) KENNY BOISVERT, 29941 ARMINTA STREET, CANOGA PARK, CA 91304. This Business is conducted by: AN INDIVIDUAL. Signed: KENNY BOISVERT OWNER.
Publish: Mountain Views News
Dates Pub: Dec 2, 9, 16, 23, 2023
FICTITIOUS BUSINESS NAME STATEMENT
File No. 2023252624
The following person(s) is (are) doing business as: WET DREAMS, 21900 STANWELL ST, CHATSWORTH, CA 91311. Full name of registrant(s) is (are) DEVIN LLC, 21900 STANWELL ST, CHATSWORTH, CA 91311. This Business is conducted by: AN LLC. Signed: DEVIN LLC, MANAGING MEMBER.
Publish: Mountain Views News
Dates Pub: Dec 2, 9, 16, 23, 2023
FICTITIOUS BUSINESS NAME STATEMENT
File No. 2023252323
The following person(s) is (are) doing business as: VALE SKIN, 9718 WHITE OAK AVE SUITE 2, GRANADA HILLS, CA 91344. Full name of registrant(s) is (are) VALERIE STEPHANIE MORALES, 9718 WHITE OAK AVE SUITE 2, GRANADA HILLS, CA 91344.
business name or names listed above on 07/2023. NOTICE- This Fictitious Name Statement expires five years from the date it was filed in the office of the County Clerk. A new Fictitious Business Name Statement must be filed prior to that date. The filing of this statement does not of itself authorize the use in this state of a Fictitious Business Name in violation of the rights of another under federal, State, or common law (See section 14411 et. seq. Business and Professions Code).
Publish: Mountain Views News
Dates Pub: Dec 2, 9, 16, 23, 2023
FICTITIOUS BUSINESS NAME STATEMENT
File No. 2023258320
The following person(s) is (are) doing business as: FLYING DRONE, 335 AUCKLAND AVE APT 2, NORTH HOLLYWOOD, CA 91601. Full name of registrant(s) is (are) DONNA HANSON-GIRCA, 335 AUCKLAND AVE APT 2, NORTH HOLLYWOOD, CA 91601. This Business is conducted by: AN INDIVIDUAL. Signed: DONNA HANSON-GIRCA OWNER. This statement was filed with the County Clerk of Los Angeles County on 12/01/2023.
Publish: Mountain Views News
Dates Pub: Dec 2, 9, 16, 23, 2023
FICTITIOUS BUSINESS NAME STATEMENT
File No. 2023258022
The following person(s) is (are) doing business as: KONA ICE NORTHVALLEY1A, 18817 CHATSWORTH STREET 270 GRANADA HILLS, CA 91344. Full name of registrant(s) is (are) FOODIE FRIDAYS LLC, 18817 CHATSWORTH STREET 270 GRANADA HILLS, CA 91344. This Business is conducted by: AN LLC. Signed: FOODIE FRIDAYS LLC JOSHUA HALL, MEMBER.
Publish: Mountain Views News
Dates Pub: Dec 2, 9, 16, 23, 2023
FICTITIOUS BUSINESS NAME STATEMENT
File No. 2023256754
The following person(s) is (are) doing business as: CASTAIC INN, 31411 RIDGE ROUTE ROAD CASTAIC, CA 91384. Full name of registrant(s) is (are) SHIV KRUPA HOSPITALITY LLC, 31411 RIDGE ROUTE ROAD CASTAIC, CA 91384. This Business is conducted by: AN LLC. Signed: JENIS HOSPITALITY LLC PANKAJ VANMALI PATEL, MANAGING MEMBER.
Publish: Mountain Views News
Dates Pub: Dec 2, 9, 16, 23, 2023
FICTITIOUS BUSINESS NAME STATEMENT
File No. 2023255682
The following person(s) is (are) doing business as: OUR HEALING CENTER, 2440 DUNKELS ST, BURBANK, CA 91504. Full name of registrant(s) is (are) SHOOSHIG SUSAN AVAKIAN, 2440 DUNKELS ST, BURBANK, CA 91504. This Business is conducted by: AN INDIVIDUAL. Signed: SHOOSHIG SUSAN AVAKIAN.
Publish: Mountain Views News
Dates Pub: Dec 2, 9, 16, 23, 2023
FICTITIOUS BUSINESS NAME STATEMENT
File No. 2023256127
The following person(s) is (are) doing business as: BOUNCE LA NEW MELROSE HILL, LOS ANGELES, CA 90029. Full name of registrant(s) is (are) BOUNCE INC, 17676 TOLD ROAD, STEVENSON RANCH, CA 91381. This Business is conducted by: A CORPORATION. Signed: BOUNCE INC, LUISA ANNABELLE TAYLOR, CEO.
Publish: Mountain Views News
Dates Pub: Dec 2, 9, 16, 23, 2023
FICTITIOUS BUSINESS NAME STATEMENT
File No. 2023257256
The following person(s) is (are) doing business as: A & H PLUMBING, 10 N BEL AIRE DR, BURBANK, CA 91501. Full name of registrant(s) is (are) ARA GHADIMIAN, 10 N BEL AIRE DR, BURBANK, CA 91501. This Business is conducted by: AN INDIVIDUAL. Signed: ARA GHADIMIAN OWNER.
Publish: Mountain Views News
Dates Pub: Dec 2, 9, 16, 23, 2023
FICTITIOUS BUSINESS NAME STATEMENT
File No. 2023256958
The following person(s) is (are) doing business as: VICKS PLACE SALVADORIAN & PERUVIAN FOOD, 5958 VINELAND AVE SUITE E, NORTH HOLLYWOOD, CA 91601. Full name of registrant(s) is (are) ADRIANA ALDERETE, 5958 VINELAND AVE SUITE E, NORTH HOLLYWOOD, CA 91601. This Business is conducted by: A GENERAL PARTNERSHIP.
Publish: Mountain Views News
Dates Pub: Dec 2, 9, 16, 23, 2023
FICTITIOUS BUSINESS NAME STATEMENT
File No. 2023247006
The following person(s) is (are) doing business as: PERUSAI BBQ, 10419 BALBOA BLVD UNIT 762, GRANADA HILLS, CA 91344. Full name of registrant(s) is (are) HIGHWAY ENTERPRISES LLC, 10419 BALBOA BLVD UNIT 762, GRANADA HILLS, CA 91344. This Business is conducted by: AN LLC.
Publish: Mountain Views News
Dates Pub: Nov 18, 25, Dec 2, 9, 2023
FICTITIOUS BUSINESS NAME STATEMENT
File No. 2023247070
The following person(s) is (are) doing business as: SKINK TRUCKING, 12301 SAN FERNANDO RD #711 SYLMAR, CA 91342. Full name of registrant(s) is (are) ARACELI BALTAZAR-LUNA, 12301 SAN FERNANDO RD #711 SYLMAR, CA 91342. This Business is conducted by: AN INDIVIDUAL. Signed: ARACELI BALTAZAR-LUNA, OWNER.
Publish: Mountain Views News
Dates Pub: Nov 18, 25, Dec 2, 9, 2023
Mountain Views News 80 W Sierra Madre Blvd. No 327 Sierra Madre, Ca 91024 Office: 626.355.2737 Fax: 626.609.3285 Email: editor@mtnviewsnews.com Website: www.mtnviewsnews.com
